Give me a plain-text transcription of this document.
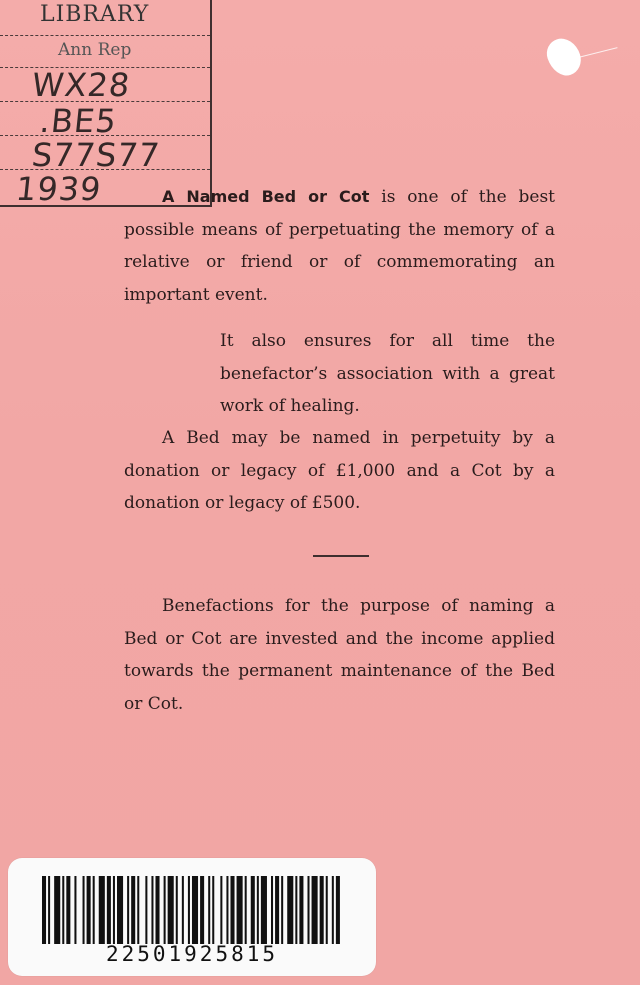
LIBRARY
Ann Rep
WX28
.BE5
S77S77
1939	A Named Bed or Cot is one of the best possible means of perpetuating the memory of a relative or friend or of commemorating an important event.

It also ensures for all time the benefactor’s association with a great work of healing.

A Bed may be named in perpetuity by a donation or legacy of £1,000 and a Cot by a donation or legacy of £500.

Benefactions for the purpose of naming a Bed or Cot are invested and the income applied towards the permanent maintenance of the Bed or Cot.

22501925815
